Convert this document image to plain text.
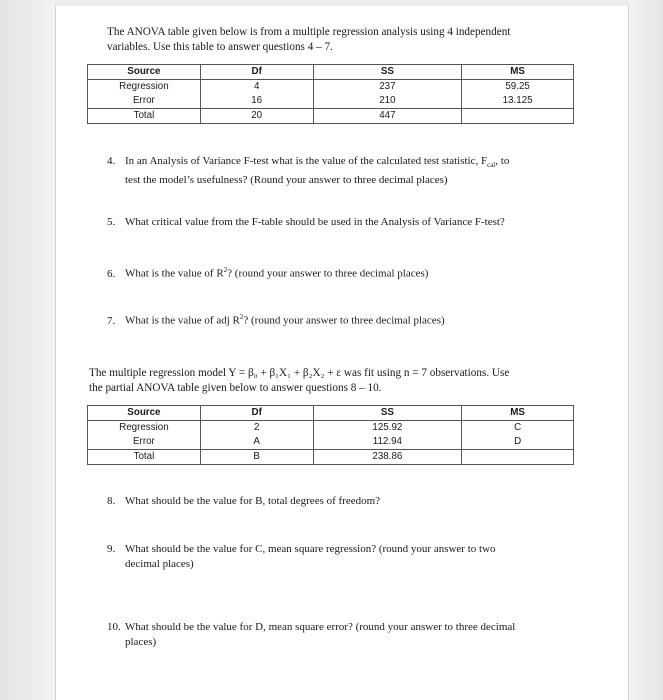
The ANOVA table given below is from a multiple regression analysis using 4 independent
variables. Use this table to answer questions 4 – 7.

Source	Df	SS	MS
Regression	4	237	59.25
Error	16	210	13.125
Total	20	447	
4. In an Analysis of Variance F-test what is the value of the calculated test statistic, $F_{cal}$, to
test the model’s usefulness? (Round your answer to three decimal places)
5. What critical value from the F-table should be used in the Analysis of Variance F-test?
6. What is the value of $R^2$? (round your answer to three decimal places)
7. What is the value of adj $R^2$? (round your answer to three decimal places)

The multiple regression model Y = β₀ + β₁X₁ + β₂X₂ + ε was fit using n = 7 observations. Use
the partial ANOVA table given below to answer questions 8 – 10.

Source	Df	SS	MS
Regression	2	125.92	C
Error	A	112.94	D
Total	B	238.86	
8. What should be the value for B, total degrees of freedom?
9. What should be the value for C, mean square regression? (round your answer to two
decimal places)
10. What should be the value for D, mean square error? (round your answer to three decimal
places)
